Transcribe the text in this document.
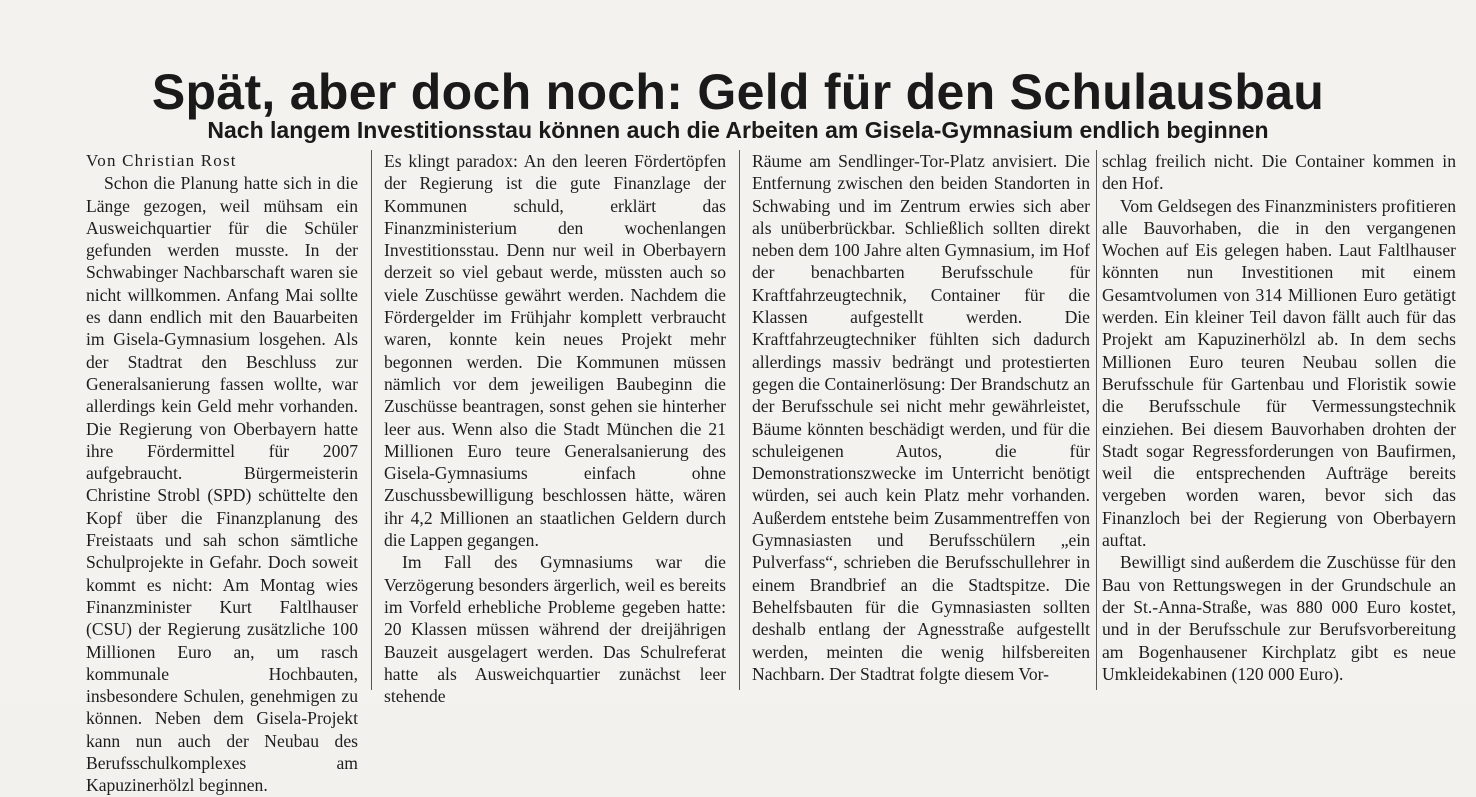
Spät, aber doch noch: Geld für den Schulausbau
Nach langem Investitionsstau können auch die Arbeiten am Gisela-Gymnasium endlich beginnen

Von Christian Rost

Schon die Planung hatte sich in die Länge gezogen, weil mühsam ein Ausweichquartier für die Schüler gefunden werden musste. In der Schwabinger Nachbarschaft waren sie nicht willkommen. Anfang Mai sollte es dann endlich mit den Bauarbeiten im Gisela-Gymnasium losgehen. Als der Stadtrat den Beschluss zur Generalsanierung fassen wollte, war allerdings kein Geld mehr vorhanden. Die Regierung von Oberbayern hatte ihre Fördermittel für 2007 aufgebraucht. Bürgermeisterin Christine Strobl (SPD) schüttelte den Kopf über die Finanzplanung des Freistaats und sah schon sämtliche Schulprojekte in Gefahr. Doch soweit kommt es nicht: Am Montag wies Finanzminister Kurt Faltlhauser (CSU) der Regierung zusätzliche 100 Millionen Euro an, um rasch kommunale Hochbauten, insbesondere Schulen, genehmigen zu können. Neben dem Gisela-Projekt kann nun auch der Neubau des Berufsschulkomplexes am Kapuzinerhölzl beginnen.

Es klingt paradox: An den leeren Fördertöpfen der Regierung ist die gute Finanzlage der Kommunen schuld, erklärt das Finanzministerium den wochenlangen Investitionsstau. Denn nur weil in Oberbayern derzeit so viel gebaut werde, müssten auch so viele Zuschüsse gewährt werden. Nachdem die Fördergelder im Frühjahr komplett verbraucht waren, konnte kein neues Projekt mehr begonnen werden. Die Kommunen müssen nämlich vor dem jeweiligen Baubeginn die Zuschüsse beantragen, sonst gehen sie hinterher leer aus. Wenn also die Stadt München die 21 Millionen Euro teure Generalsanierung des Gisela-Gymnasiums einfach ohne Zuschussbewilligung beschlossen hätte, wären ihr 4,2 Millionen an staatlichen Geldern durch die Lappen gegangen.

Im Fall des Gymnasiums war die Verzögerung besonders ärgerlich, weil es bereits im Vorfeld erhebliche Probleme gegeben hatte: 20 Klassen müssen während der dreijährigen Bauzeit ausgelagert werden. Das Schulreferat hatte als Ausweichquartier zunächst leer stehende

Räume am Sendlinger-Tor-Platz anvisiert. Die Entfernung zwischen den beiden Standorten in Schwabing und im Zentrum erwies sich aber als unüberbrückbar. Schließlich sollten direkt neben dem 100 Jahre alten Gymnasium, im Hof der benachbarten Berufsschule für Kraftfahrzeugtechnik, Container für die Klassen aufgestellt werden. Die Kraftfahrzeugtechniker fühlten sich dadurch allerdings massiv bedrängt und protestierten gegen die Containerlösung: Der Brandschutz an der Berufsschule sei nicht mehr gewährleistet, Bäume könnten beschädigt werden, und für die schuleigenen Autos, die für Demonstrationszwecke im Unterricht benötigt würden, sei auch kein Platz mehr vorhanden. Außerdem entstehe beim Zusammentreffen von Gymnasiasten und Berufsschülern „ein Pulverfass“, schrieben die Berufsschullehrer in einem Brandbrief an die Stadtspitze. Die Behelfsbauten für die Gymnasiasten sollten deshalb entlang der Agnesstraße aufgestellt werden, meinten die wenig hilfsbereiten Nachbarn. Der Stadtrat folgte diesem Vor-

schlag freilich nicht. Die Container kommen in den Hof.

Vom Geldsegen des Finanzministers profitieren alle Bauvorhaben, die in den vergangenen Wochen auf Eis gelegen haben. Laut Faltlhauser könnten nun Investitionen mit einem Gesamtvolumen von 314 Millionen Euro getätigt werden. Ein kleiner Teil davon fällt auch für das Projekt am Kapuzinerhölzl ab. In dem sechs Millionen Euro teuren Neubau sollen die Berufsschule für Gartenbau und Floristik sowie die Berufsschule für Vermessungstechnik einziehen. Bei diesem Bauvorhaben drohten der Stadt sogar Regressforderungen von Baufirmen, weil die entsprechenden Aufträge bereits vergeben worden waren, bevor sich das Finanzloch bei der Regierung von Oberbayern auftat.

Bewilligt sind außerdem die Zuschüsse für den Bau von Rettungswegen in der Grundschule an der St.-Anna-Straße, was 880 000 Euro kostet, und in der Berufsschule zur Berufsvorbereitung am Bogenhausener Kirchplatz gibt es neue Umkleidekabinen (120 000 Euro).
